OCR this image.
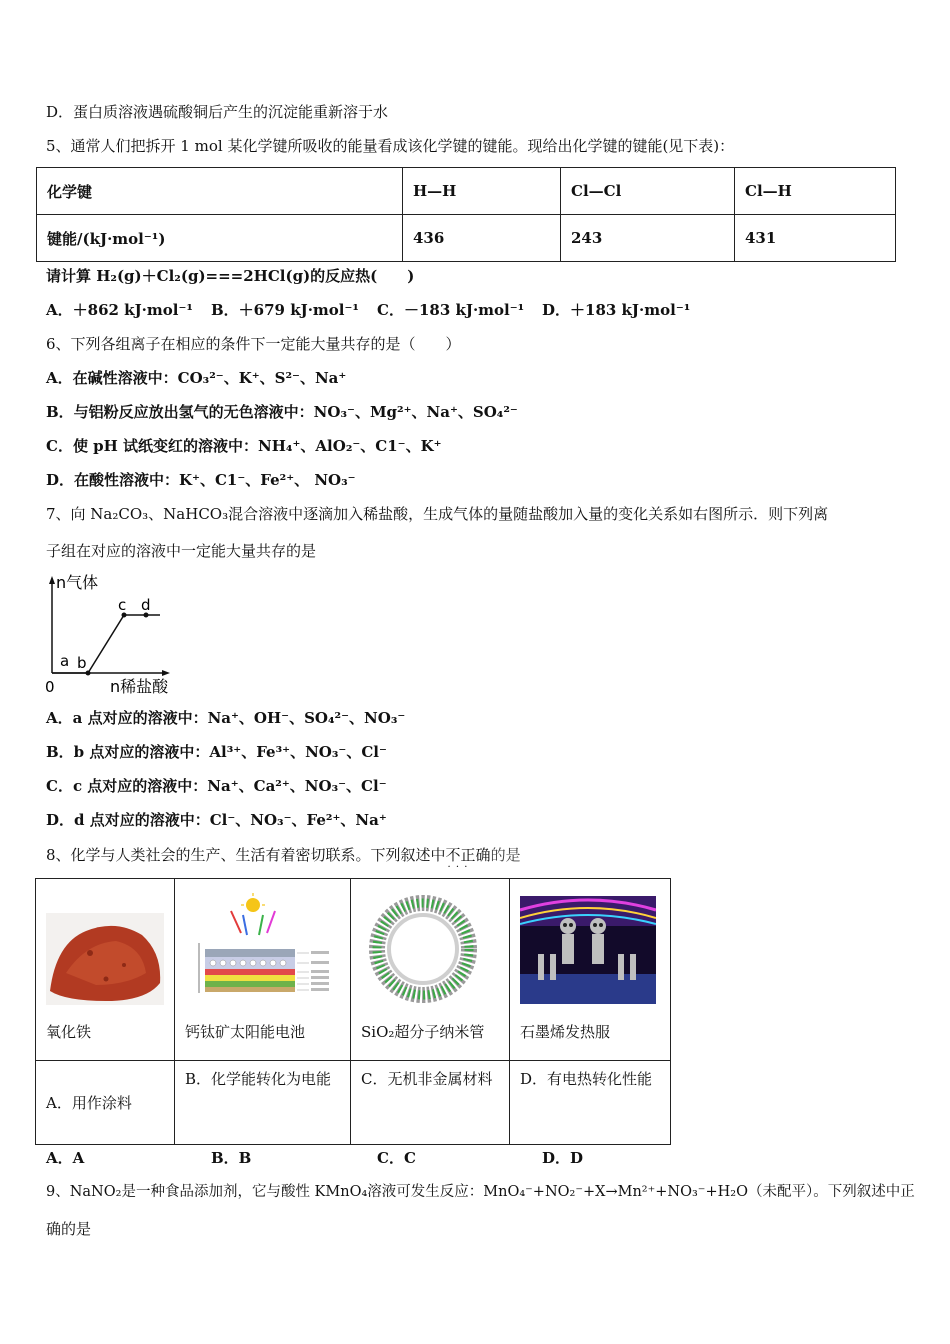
D．蛋白质溶液遇硫酸铜后产生的沉淀能重新溶于水
5、通常人们把拆开 1 mol 某化学键所吸收的能量看成该化学键的键能。现给出化学键的键能(见下表)：
化学键	H—H	Cl—Cl	Cl—H
键能/(kJ·mol⁻¹)	436	243	431
请计算 H₂(g)＋Cl₂(g)===2HCl(g)的反应热(　　)
A．＋862 kJ·mol⁻¹ B．＋679 kJ·mol⁻¹ C．－183 kJ·mol⁻¹ D．＋183 kJ·mol⁻¹
6、下列各组离子在相应的条件下一定能大量共存的是（　　）
A．在碱性溶液中：CO₃²⁻、K⁺、S²⁻、Na⁺
B．与铝粉反应放出氢气的无色溶液中：NO₃⁻、Mg²⁺、Na⁺、SO₄²⁻
C．使 pH 试纸变红的溶液中：NH₄⁺、AlO₂⁻、C1⁻、K⁺
D．在酸性溶液中：K⁺、C1⁻、Fe²⁺、 NO₃⁻
7、向 Na₂CO₃、NaHCO₃混合溶液中逐滴加入稀盐酸，生成气体的量随盐酸加入量的变化关系如右图所示．则下列离
子组在对应的溶液中一定能大量共存的是
n气体
n稀盐酸
0
a b
c d
A．a 点对应的溶液中：Na⁺、OH⁻、SO₄²⁻、NO₃⁻
B．b 点对应的溶液中：Al³⁺、Fe³⁺、NO₃⁻、Cl⁻
C．c 点对应的溶液中：Na⁺、Ca²⁺、NO₃⁻、Cl⁻
D．d 点对应的溶液中：Cl⁻、NO₃⁻、Fe²⁺、Na⁺
8、化学与人类社会的生产、生活有着密切联系。下列叙述中不正确 · · ·的是
氧化铁	钙钛矿太阳能电池	SiO₂超分子纳米管	石墨烯发热服

A．用作涂料	B．化学能转化为电能	C．无机非金属材料	D．有电热转化性能
A．A	B．B	C．C	D．D
9、NaNO₂是一种食品添加剂，它与酸性 KMnO₄溶液可发生反应：MnO₄⁻+NO₂⁻+X→Mn²⁺+NO₃⁻+H₂O（未配平）。下列叙述中正
确的是
